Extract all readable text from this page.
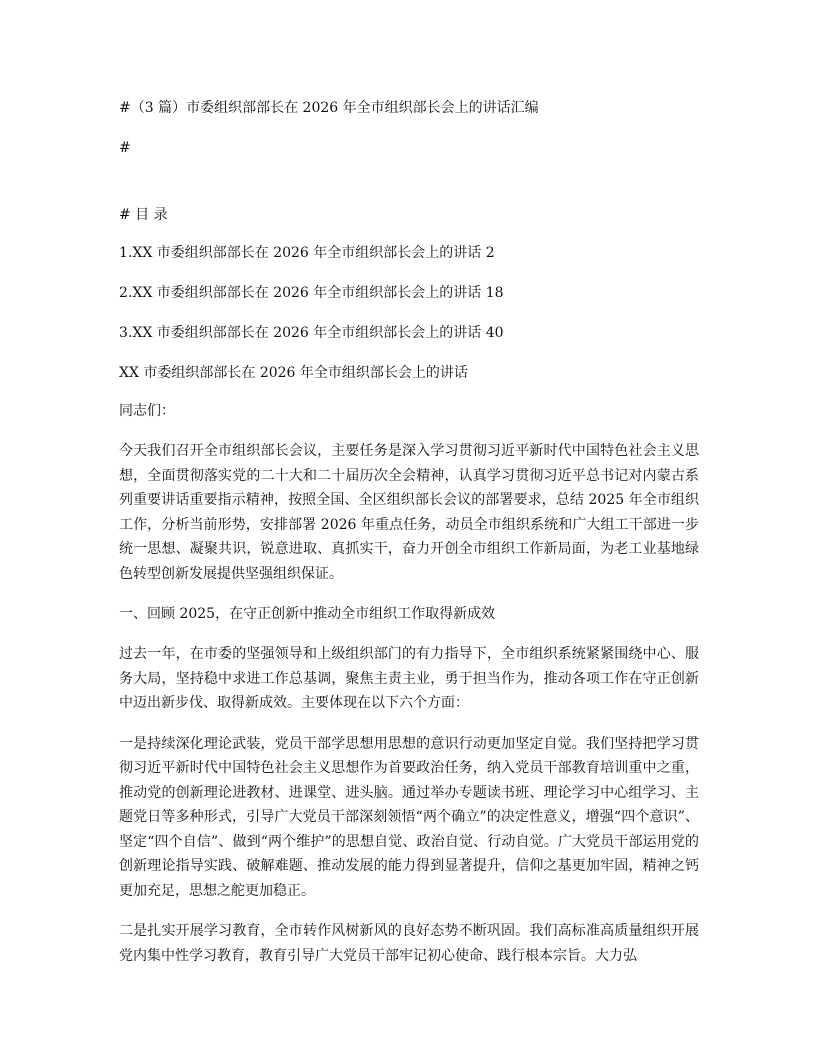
#（3 篇）市委组织部部长在 2026 年全市组织部长会上的讲话汇编

#

# 目 录

1.XX 市委组织部部长在 2026 年全市组织部长会上的讲话 2

2.XX 市委组织部部长在 2026 年全市组织部长会上的讲话 18

3.XX 市委组织部部长在 2026 年全市组织部长会上的讲话 40

XX 市委组织部部长在 2026 年全市组织部长会上的讲话

同志们：

今天我们召开全市组织部长会议，主要任务是深入学习贯彻习近平新时代中国特色社会主义思想，全面贯彻落实党的二十大和二十届历次全会精神，认真学习贯彻习近平总书记对内蒙古系列重要讲话重要指示精神，按照全国、全区组织部长会议的部署要求，总结 2025 年全市组织工作，分析当前形势，安排部署 2026 年重点任务，动员全市组织系统和广大组工干部进一步统一思想、凝聚共识，锐意进取、真抓实干，奋力开创全市组织工作新局面，为老工业基地绿色转型创新发展提供坚强组织保证。

一、回顾 2025，在守正创新中推动全市组织工作取得新成效

过去一年，在市委的坚强领导和上级组织部门的有力指导下，全市组织系统紧紧围绕中心、服务大局，坚持稳中求进工作总基调，聚焦主责主业，勇于担当作为，推动各项工作在守正创新中迈出新步伐、取得新成效。主要体现在以下六个方面：

一是持续深化理论武装，党员干部学思想用思想的意识行动更加坚定自觉。我们坚持把学习贯彻习近平新时代中国特色社会主义思想作为首要政治任务，纳入党员干部教育培训重中之重，推动党的创新理论进教材、进课堂、进头脑。通过举办专题读书班、理论学习中心组学习、主题党日等多种形式，引导广大党员干部深刻领悟“两个确立”的决定性意义，增强“四个意识”、坚定“四个自信”、做到“两个维护”的思想自觉、政治自觉、行动自觉。广大党员干部运用党的创新理论指导实践、破解难题、推动发展的能力得到显著提升，信仰之基更加牢固，精神之钙更加充足，思想之舵更加稳正。

二是扎实开展学习教育，全市转作风树新风的良好态势不断巩固。我们高标准高质量组织开展党内集中性学习教育，教育引导广大党员干部牢记初心使命、践行根本宗旨。大力弘
